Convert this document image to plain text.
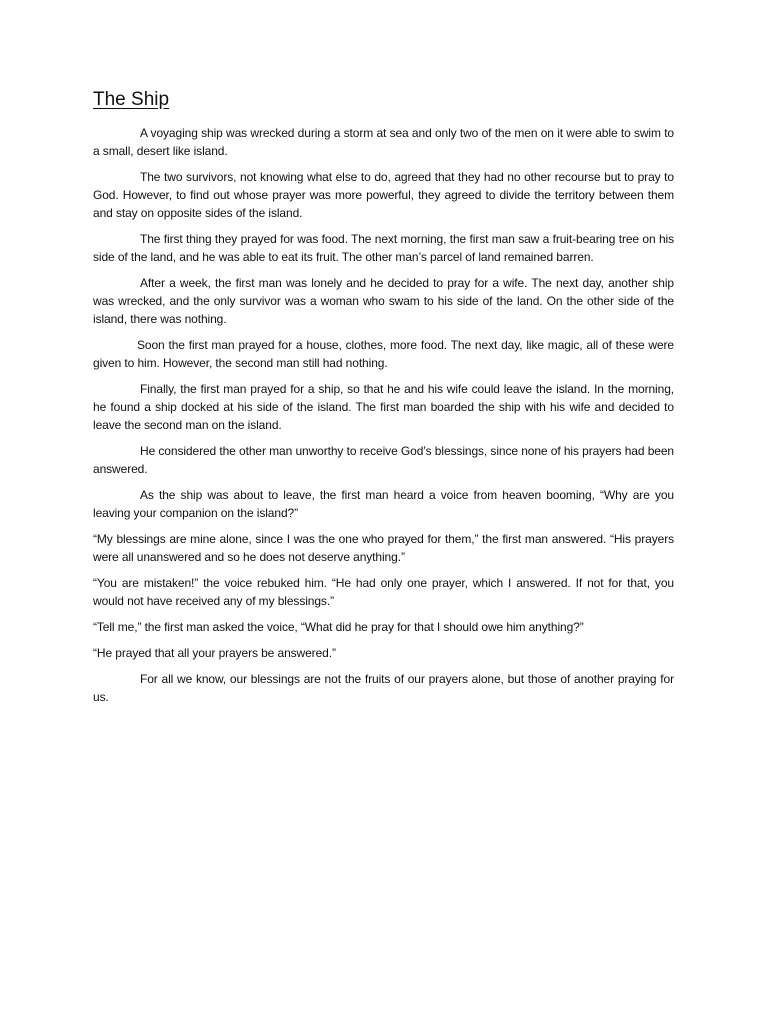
The Ship

A voyaging ship was wrecked during a storm at sea and only two of the men on it were able to swim to a small, desert like island.

The two survivors, not knowing what else to do, agreed that they had no other recourse but to pray to God. However, to find out whose prayer was more powerful, they agreed to divide the territory between them and stay on opposite sides of the island.

The first thing they prayed for was food. The next morning, the first man saw a fruit-bearing tree on his side of the land, and he was able to eat its fruit. The other man’s parcel of land remained barren.

After a week, the first man was lonely and he decided to pray for a wife. The next day, another ship was wrecked, and the only survivor was a woman who swam to his side of the land. On the other side of the island, there was nothing.

Soon the first man prayed for a house, clothes, more food. The next day, like magic, all of these were given to him. However, the second man still had nothing.

Finally, the first man prayed for a ship, so that he and his wife could leave the island. In the morning, he found a ship docked at his side of the island. The first man boarded the ship with his wife and decided to leave the second man on the island.

He considered the other man unworthy to receive God’s blessings, since none of his prayers had been answered.

As the ship was about to leave, the first man heard a voice from heaven booming, “Why are you leaving your companion on the island?”

“My blessings are mine alone, since I was the one who prayed for them,” the first man answered. “His prayers were all unanswered and so he does not deserve anything.”

“You are mistaken!” the voice rebuked him. “He had only one prayer, which I answered. If not for that, you would not have received any of my blessings.”

“Tell me,” the first man asked the voice, “What did he pray for that I should owe him anything?”

“He prayed that all your prayers be answered.”

For all we know, our blessings are not the fruits of our prayers alone, but those of another praying for us.
